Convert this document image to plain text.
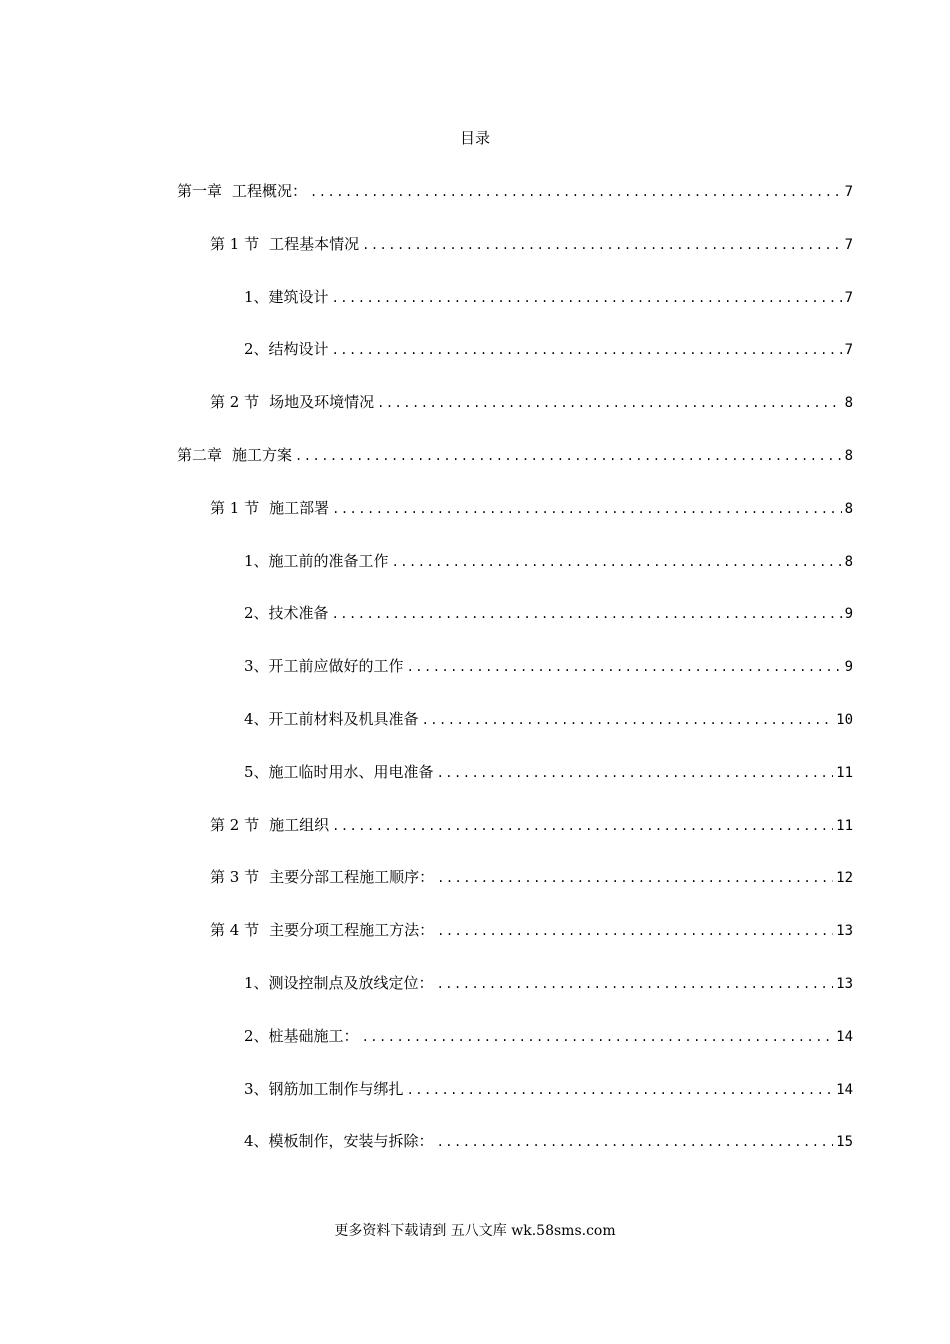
目录
第一章 工程概况： .....	7
第 1 节 工程基本情况 .....	7
1、 建筑设计 .....	7
2、 结构设计 .....	7
第 2 节 场地及环境情况 .....	8
第二章 施工方案 .....	8
第 1 节 施工部署 .....	8
1、 施工前的准备工作 .....	8
2、 技术准备 .....	9
3、 开工前应做好的工作 .....	9
4、 开工前材料及机具准备 .....	10
5、 施工临时用水、用电准备 .....	11
第 2 节 施工组织 .....	11
第 3 节 主要分部工程施工顺序： .....	12
第 4 节 主要分项工程施工方法： .....	13
1、 测设控制点及放线定位： .....	13
2、 桩基础施工： .....	14
3、 钢筋加工制作与绑扎 .....	14
4、 模板制作，安装与拆除： .....	15
更多资料下载请到 五八文库 wk.58sms.com
